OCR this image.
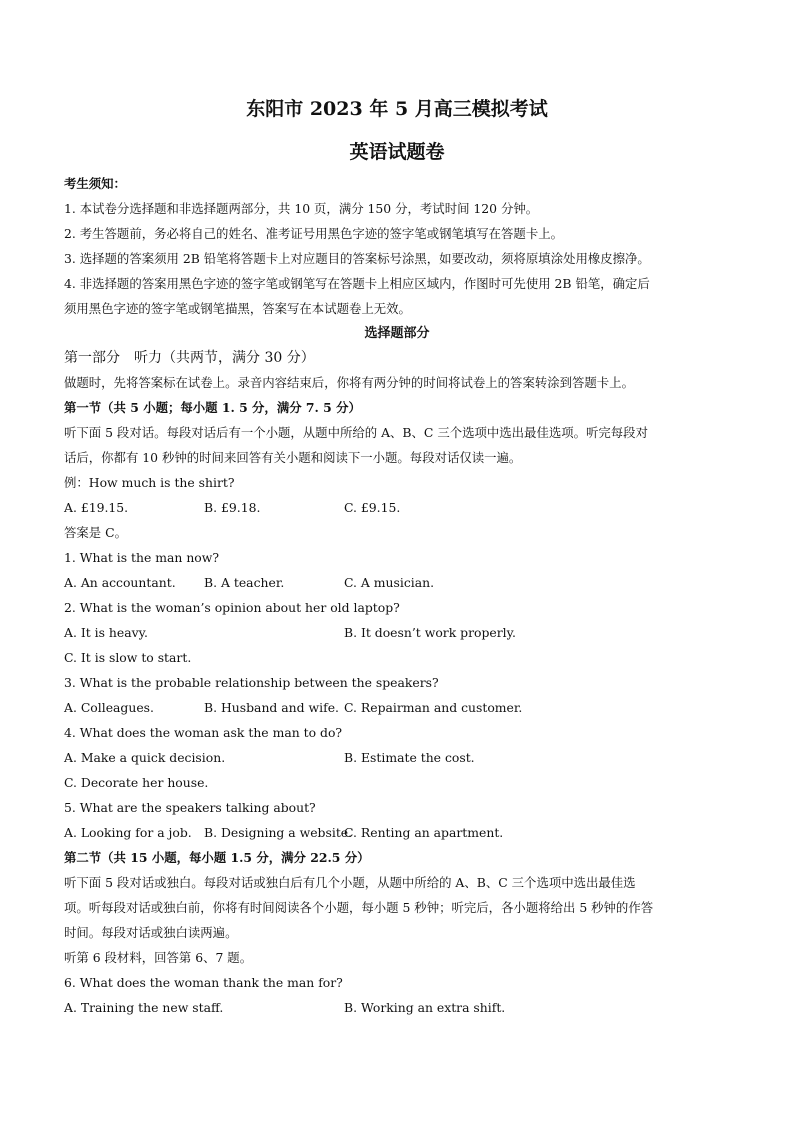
东阳市 2023 年 5 月高三模拟考试
英语试题卷
考生须知：
1. 本试卷分选择题和非选择题两部分，共 10 页，满分 150 分，考试时间 120 分钟。
2. 考生答题前，务必将自己的姓名、准考证号用黑色字迹的签字笔或钢笔填写在答题卡上。
3. 选择题的答案须用 2B 铅笔将答题卡上对应题目的答案标号涂黑，如要改动，须将原填涂处用橡皮擦净。
4. 非选择题的答案用黑色字迹的签字笔或钢笔写在答题卡上相应区域内，作图时可先使用 2B 铅笔，确定后
须用黑色字迹的签字笔或钢笔描黑，答案写在本试题卷上无效。
选择题部分
第一部分　听力（共两节，满分 30 分）
做题时，先将答案标在试卷上。录音内容结束后，你将有两分钟的时间将试卷上的答案转涂到答题卡上。
第一节（共 5 小题；每小题 1. 5 分，满分 7. 5 分）
听下面 5 段对话。每段对话后有一个小题，从题中所给的 A、B、C 三个选项中选出最佳选项。听完每段对
话后，你都有 10 秒钟的时间来回答有关小题和阅读下一小题。每段对话仅读一遍。
例：How much is the shirt?
A. £19.15.	B. £9.18.	C. £9.15.
答案是 C。
1. What is the man now?
A. An accountant. B. A teacher.	C. A musician.
2. What is the woman’s opinion about her old laptop?
A. It is heavy.	B. It doesn’t work properly.
C. It is slow to start.
3. What is the probable relationship between the speakers?
A. Colleagues.	B. Husband and wife. C. Repairman and customer.
4. What does the woman ask the man to do?
A. Make a quick decision.	B. Estimate the cost.
C. Decorate her house.
5. What are the speakers talking about?
A. Looking for a job. B. Designing a website.
C. Renting an apartment.
第二节（共 15 小题，每小题 1.5 分，满分 22.5 分）
听下面 5 段对话或独白。每段对话或独白后有几个小题，从题中所给的 A、B、C 三个选项中选出最佳选
项。听每段对话或独白前，你将有时间阅读各个小题，每小题 5 秒钟；听完后，各小题将给出 5 秒钟的作答
时间。每段对话或独白读两遍。
听第 6 段材料，回答第 6、7 题。
6. What does the woman thank the man for?
A. Training the new staff.	B. Working an extra shift.
